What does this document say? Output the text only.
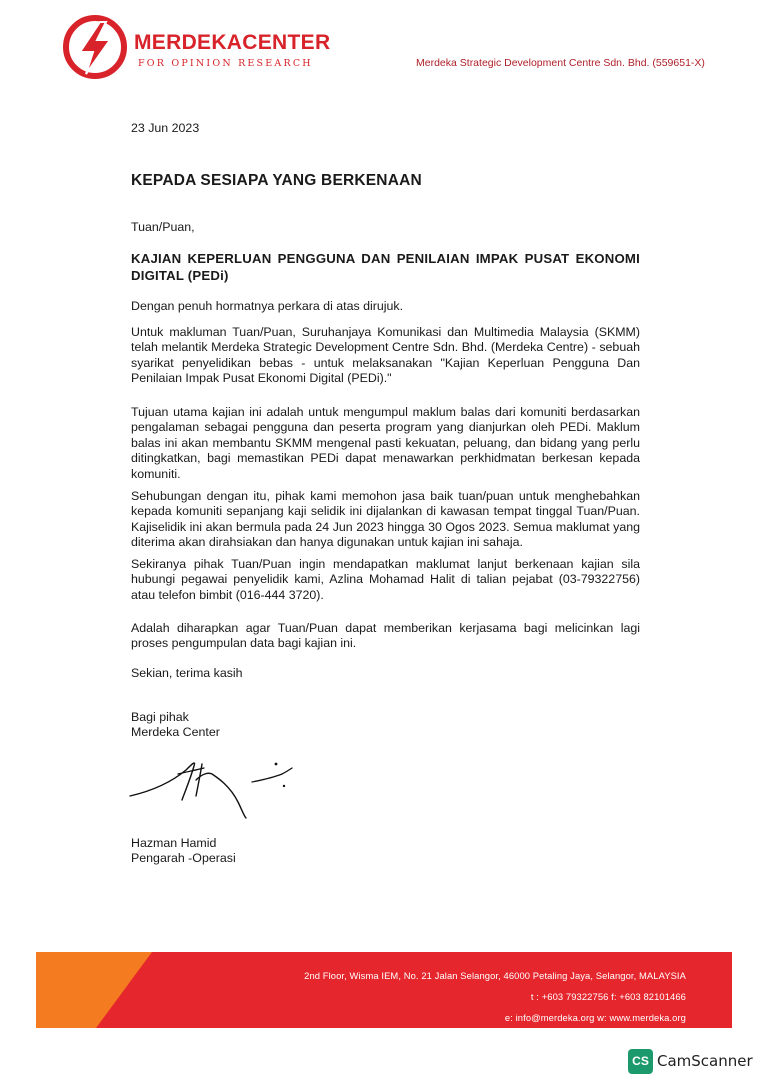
MERDEKACENTER
FOR OPINION RESEARCH	Merdeka Strategic Development Centre Sdn. Bhd. (559651-X)
23 Jun 2023
KEPADA SESIAPA YANG BERKENAAN
Tuan/Puan,
KAJIAN KEPERLUAN PENGGUNA DAN PENILAIAN IMPAK PUSAT EKONOMI DIGITAL (PEDi)
Dengan penuh hormatnya perkara di atas dirujuk.
Untuk makluman Tuan/Puan, Suruhanjaya Komunikasi dan Multimedia Malaysia (SKMM) telah melantik Merdeka Strategic Development Centre Sdn. Bhd. (Merdeka Centre) - sebuah syarikat penyelidikan bebas - untuk melaksanakan "Kajian Keperluan Pengguna Dan Penilaian Impak Pusat Ekonomi Digital (PEDi)."
Tujuan utama kajian ini adalah untuk mengumpul maklum balas dari komuniti berdasarkan pengalaman sebagai pengguna dan peserta program yang dianjurkan oleh PEDi. Maklum balas ini akan membantu SKMM mengenal pasti kekuatan, peluang, dan bidang yang perlu ditingkatkan, bagi memastikan PEDi dapat menawarkan perkhidmatan berkesan kepada komuniti.
Sehubungan dengan itu, pihak kami memohon jasa baik tuan/puan untuk menghebahkan kepada komuniti sepanjang kaji selidik ini dijalankan di kawasan tempat tinggal Tuan/Puan. Kajiselidik ini akan bermula pada 24 Jun 2023 hingga 30 Ogos 2023. Semua maklumat yang diterima akan dirahsiakan dan hanya digunakan untuk kajian ini sahaja.
Sekiranya pihak Tuan/Puan ingin mendapatkan maklumat lanjut berkenaan kajian sila hubungi pegawai penyelidik kami, Azlina Mohamad Halit di talian pejabat (03-79322756) atau telefon bimbit (016-444 3720).
Adalah diharapkan agar Tuan/Puan dapat memberikan kerjasama bagi melicinkan lagi proses pengumpulan data bagi kajian ini.
Sekian, terima kasih
Bagi pihak
Merdeka Center
Hazman Hamid
Pengarah -Operasi
2nd Floor, Wisma IEM, No. 21 Jalan Selangor, 46000 Petaling Jaya, Selangor, MALAYSIA
t : +603 79322756 f: +603 82101466
e: info@merdeka.org w: www.merdeka.org
CS CamScanner
